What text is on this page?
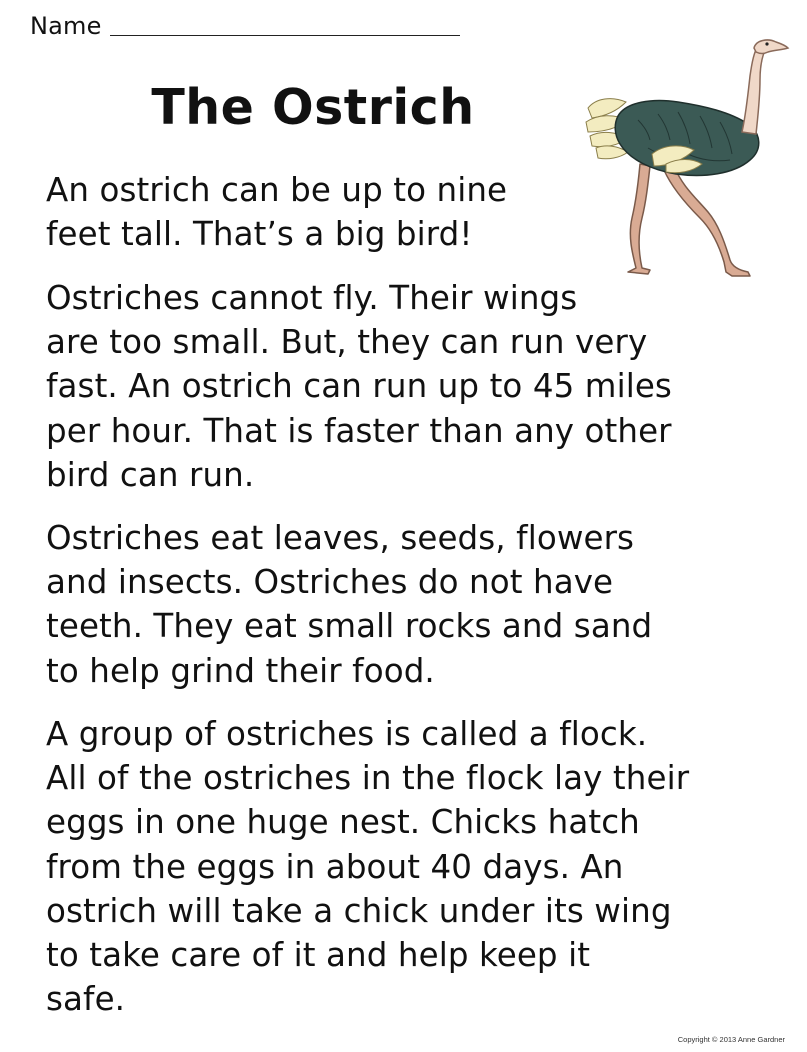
Name
The Ostrich
An ostrich can be up to nine
feet tall. That’s a big bird!
Ostriches cannot fly. Their wings
are too small. But, they can run very
fast. An ostrich can run up to 45 miles
per hour. That is faster than any other
bird can run.
Ostriches eat leaves, seeds, flowers
and insects. Ostriches do not have
teeth. They eat small rocks and sand
to help grind their food.
A group of ostriches is called a flock.
All of the ostriches in the flock lay their
eggs in one huge nest. Chicks hatch
from the eggs in about 40 days. An
ostrich will take a chick under its wing
to take care of it and help keep it
safe.
Copyright © 2013 Anne Gardner
